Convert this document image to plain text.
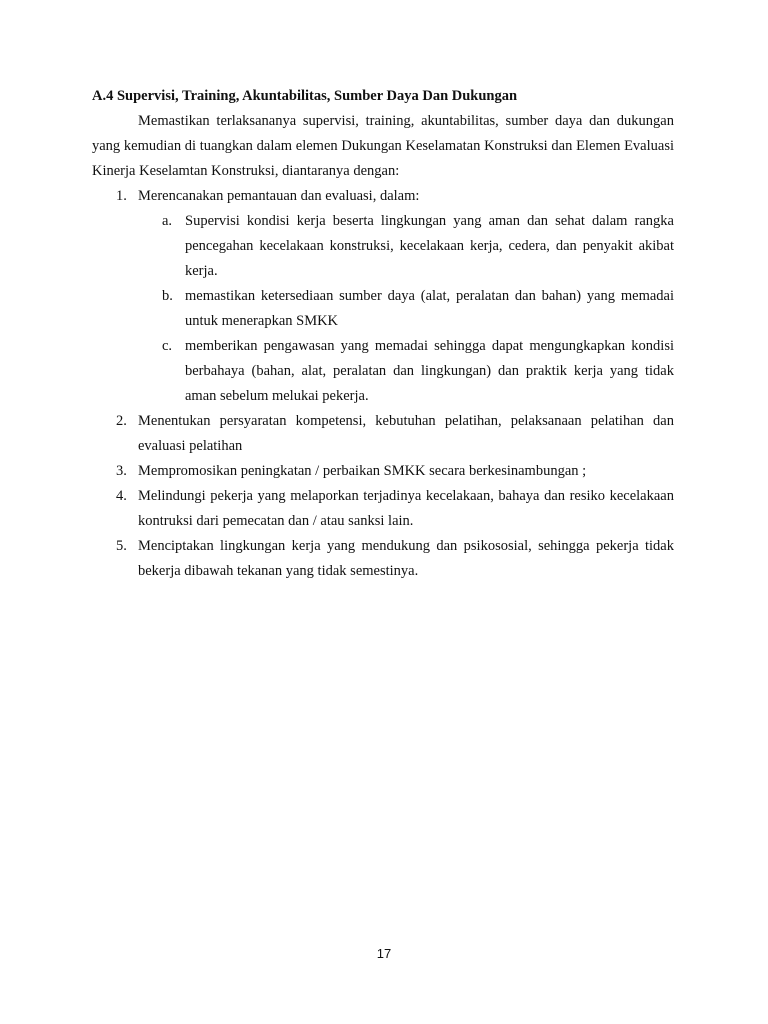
A.4 Supervisi, Training, Akuntabilitas, Sumber Daya Dan Dukungan

Memastikan terlaksananya supervisi, training, akuntabilitas, sumber daya dan dukungan yang kemudian di tuangkan dalam elemen Dukungan Keselamatan Konstruksi dan Elemen Evaluasi Kinerja Keselamtan Konstruksi, diantaranya dengan:

1. Merencanakan pemantauan dan evaluasi, dalam:
a. Supervisi kondisi kerja beserta lingkungan yang aman dan sehat dalam rangka pencegahan kecelakaan konstruksi, kecelakaan kerja, cedera, dan penyakit akibat kerja.
b. memastikan ketersediaan sumber daya (alat, peralatan dan bahan) yang memadai untuk menerapkan SMKK
c. memberikan pengawasan yang memadai sehingga dapat mengungkapkan kondisi berbahaya (bahan, alat, peralatan dan lingkungan) dan praktik kerja yang tidak aman sebelum melukai pekerja.
2. Menentukan persyaratan kompetensi, kebutuhan pelatihan, pelaksanaan pelatihan dan evaluasi pelatihan
3. Mempromosikan peningkatan / perbaikan SMKK secara berkesinambungan ;
4. Melindungi pekerja yang melaporkan terjadinya kecelakaan, bahaya dan resiko kecelakaan kontruksi dari pemecatan dan / atau sanksi lain.
5. Menciptakan lingkungan kerja yang mendukung dan psikososial, sehingga pekerja tidak bekerja dibawah tekanan yang tidak semestinya.
17
